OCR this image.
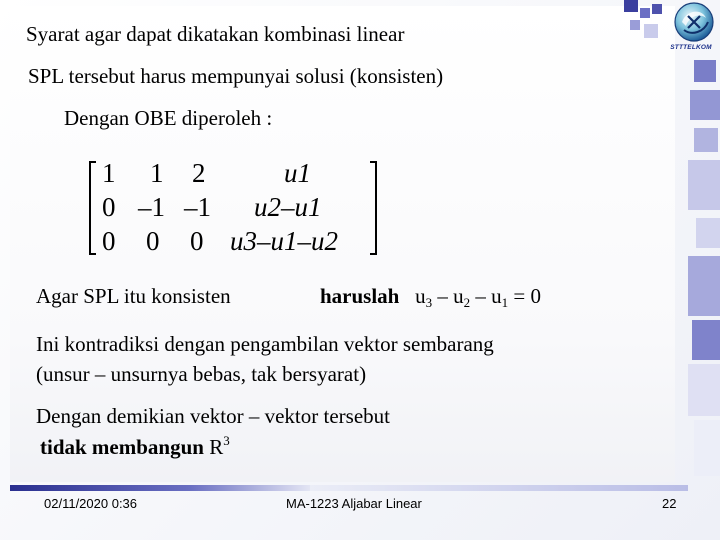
STTTELKOM
Syarat agar dapat dikatakan kombinasi linear
SPL tersebut harus mempunyai solusi (konsisten)
Dengan OBE diperoleh :
1 1 2	u1
0 –1 –1 u2–u1
0 0 0 u3–u1–u2
Agar SPL itu konsisten	haruslah $u_3 - u_2 - u_1 = 0$
Ini kontradiksi dengan pengambilan vektor sembarang
(unsur – unsurnya bebas, tak bersyarat)
Dengan demikian vektor – vektor tersebut
tidak membangun $R^3$
02/11/2020 0:36	MA-1223 Aljabar Linear	22
